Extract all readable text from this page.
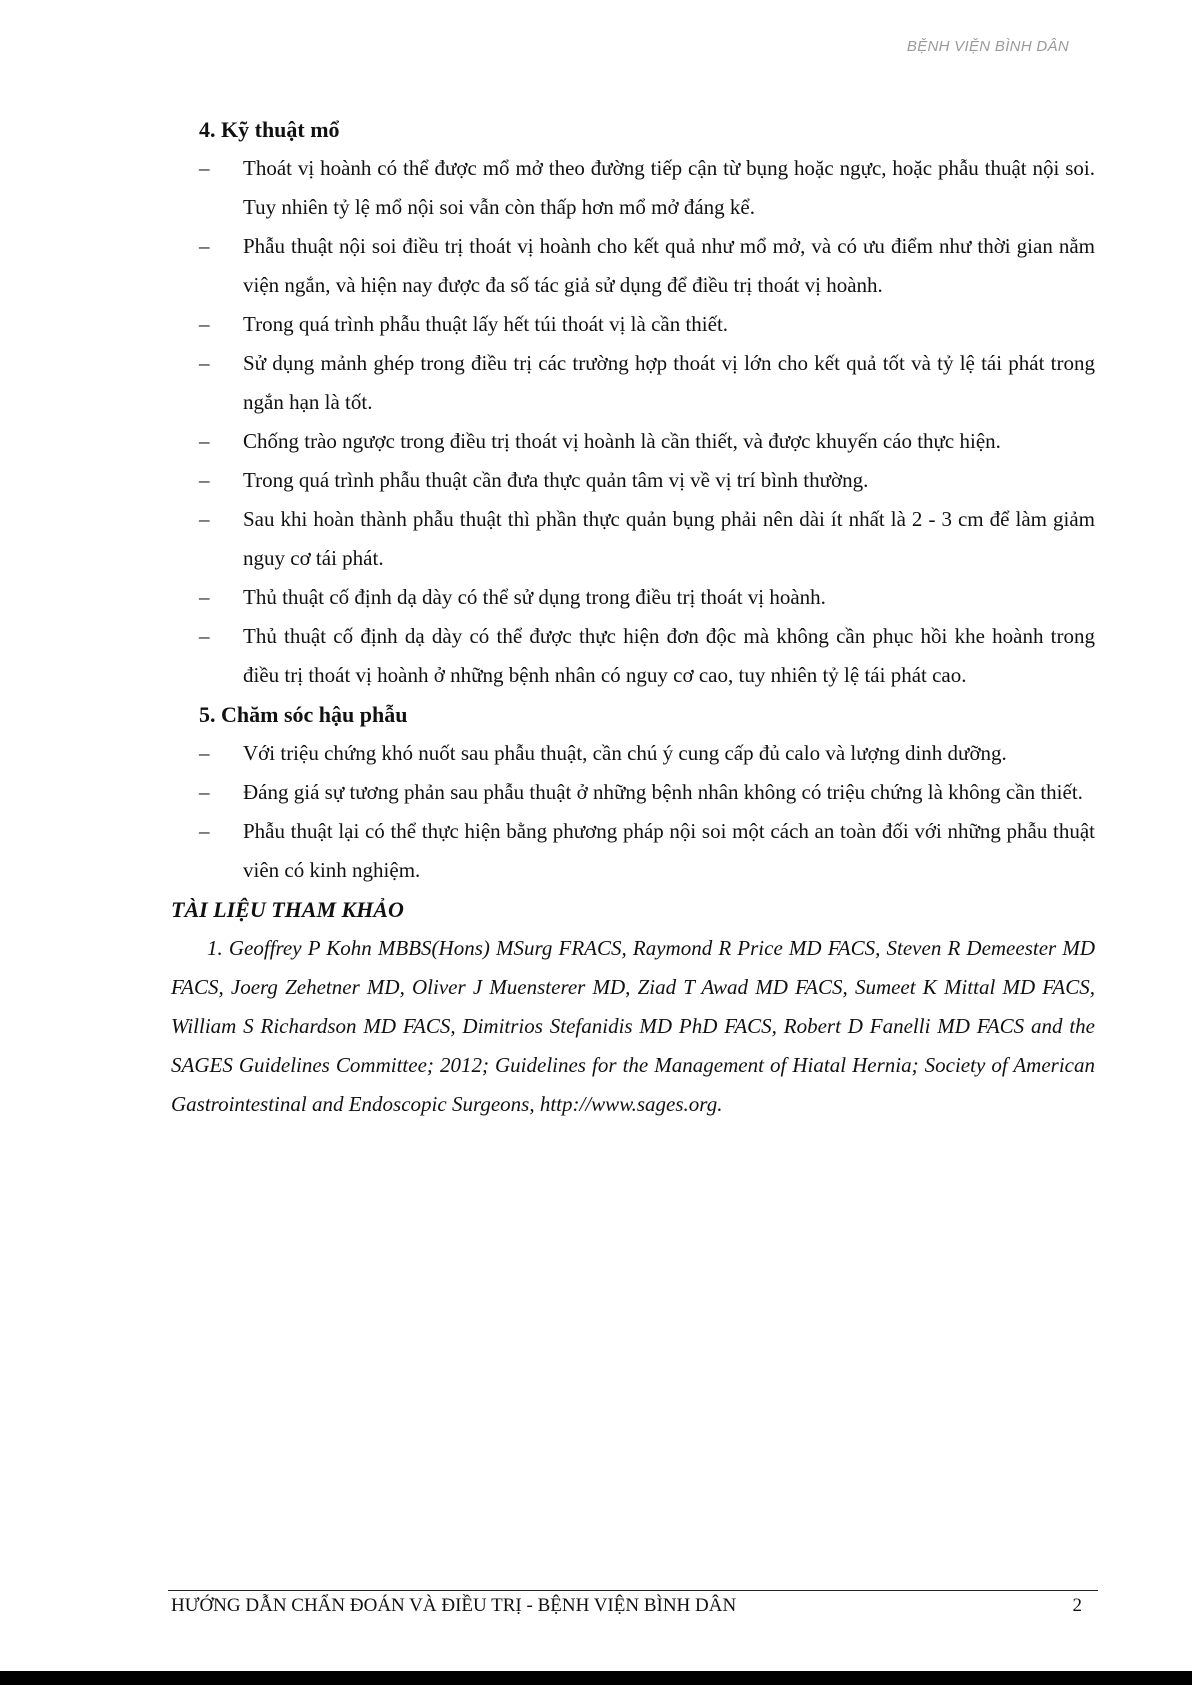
BỆNH VIỆN BÌNH DÂN
4. Kỹ thuật mổ
–	Thoát vị hoành có thể được mổ mở theo đường tiếp cận từ bụng hoặc ngực, hoặc phẫu thuật nội soi. Tuy nhiên tỷ lệ mổ nội soi vẫn còn thấp hơn mổ mở đáng kể.
–	Phẫu thuật nội soi điều trị thoát vị hoành cho kết quả như mổ mở, và có ưu điểm như thời gian nằm viện ngắn, và hiện nay được đa số tác giả sử dụng để điều trị thoát vị hoành.
–	Trong quá trình phẫu thuật lấy hết túi thoát vị là cần thiết.
–	Sử dụng mảnh ghép trong điều trị các trường hợp thoát vị lớn cho kết quả tốt và tỷ lệ tái phát trong ngắn hạn là tốt.
–	Chống trào ngược trong điều trị thoát vị hoành là cần thiết, và được khuyến cáo thực hiện.
–	Trong quá trình phẫu thuật cần đưa thực quản tâm vị về vị trí bình thường.
–	Sau khi hoàn thành phẫu thuật thì phần thực quản bụng phải nên dài ít nhất là 2 - 3 cm để làm giảm nguy cơ tái phát.
–	Thủ thuật cố định dạ dày có thể sử dụng trong điều trị thoát vị hoành.
–	Thủ thuật cố định dạ dày có thể được thực hiện đơn độc mà không cần phục hồi khe hoành trong điều trị thoát vị hoành ở những bệnh nhân có nguy cơ cao, tuy nhiên tỷ lệ tái phát cao.
5. Chăm sóc hậu phẫu
–	Với triệu chứng khó nuốt sau phẫu thuật, cần chú ý cung cấp đủ calo và lượng dinh dưỡng.
–	Đáng giá sự tương phản sau phẫu thuật ở những bệnh nhân không có triệu chứng là không cần thiết.
–	Phẫu thuật lại có thể thực hiện bằng phương pháp nội soi một cách an toàn đối với những phẫu thuật viên có kinh nghiệm.
TÀI LIỆU THAM KHẢO

1. Geoffrey P Kohn MBBS(Hons) MSurg FRACS, Raymond R Price MD FACS, Steven R Demeester MD FACS, Joerg Zehetner MD, Oliver J Muensterer MD, Ziad T Awad MD FACS, Sumeet K Mittal MD FACS, William S Richardson MD FACS, Dimitrios Stefanidis MD PhD FACS, Robert D Fanelli MD FACS and the SAGES Guidelines Committee; 2012; Guidelines for the Management of Hiatal Hernia; Society of American Gastrointestinal and Endoscopic Surgeons, http://www.sages.org.

HƯỚNG DẪN CHẨN ĐOÁN VÀ ĐIỀU TRỊ - BỆNH VIỆN BÌNH DÂN	2
